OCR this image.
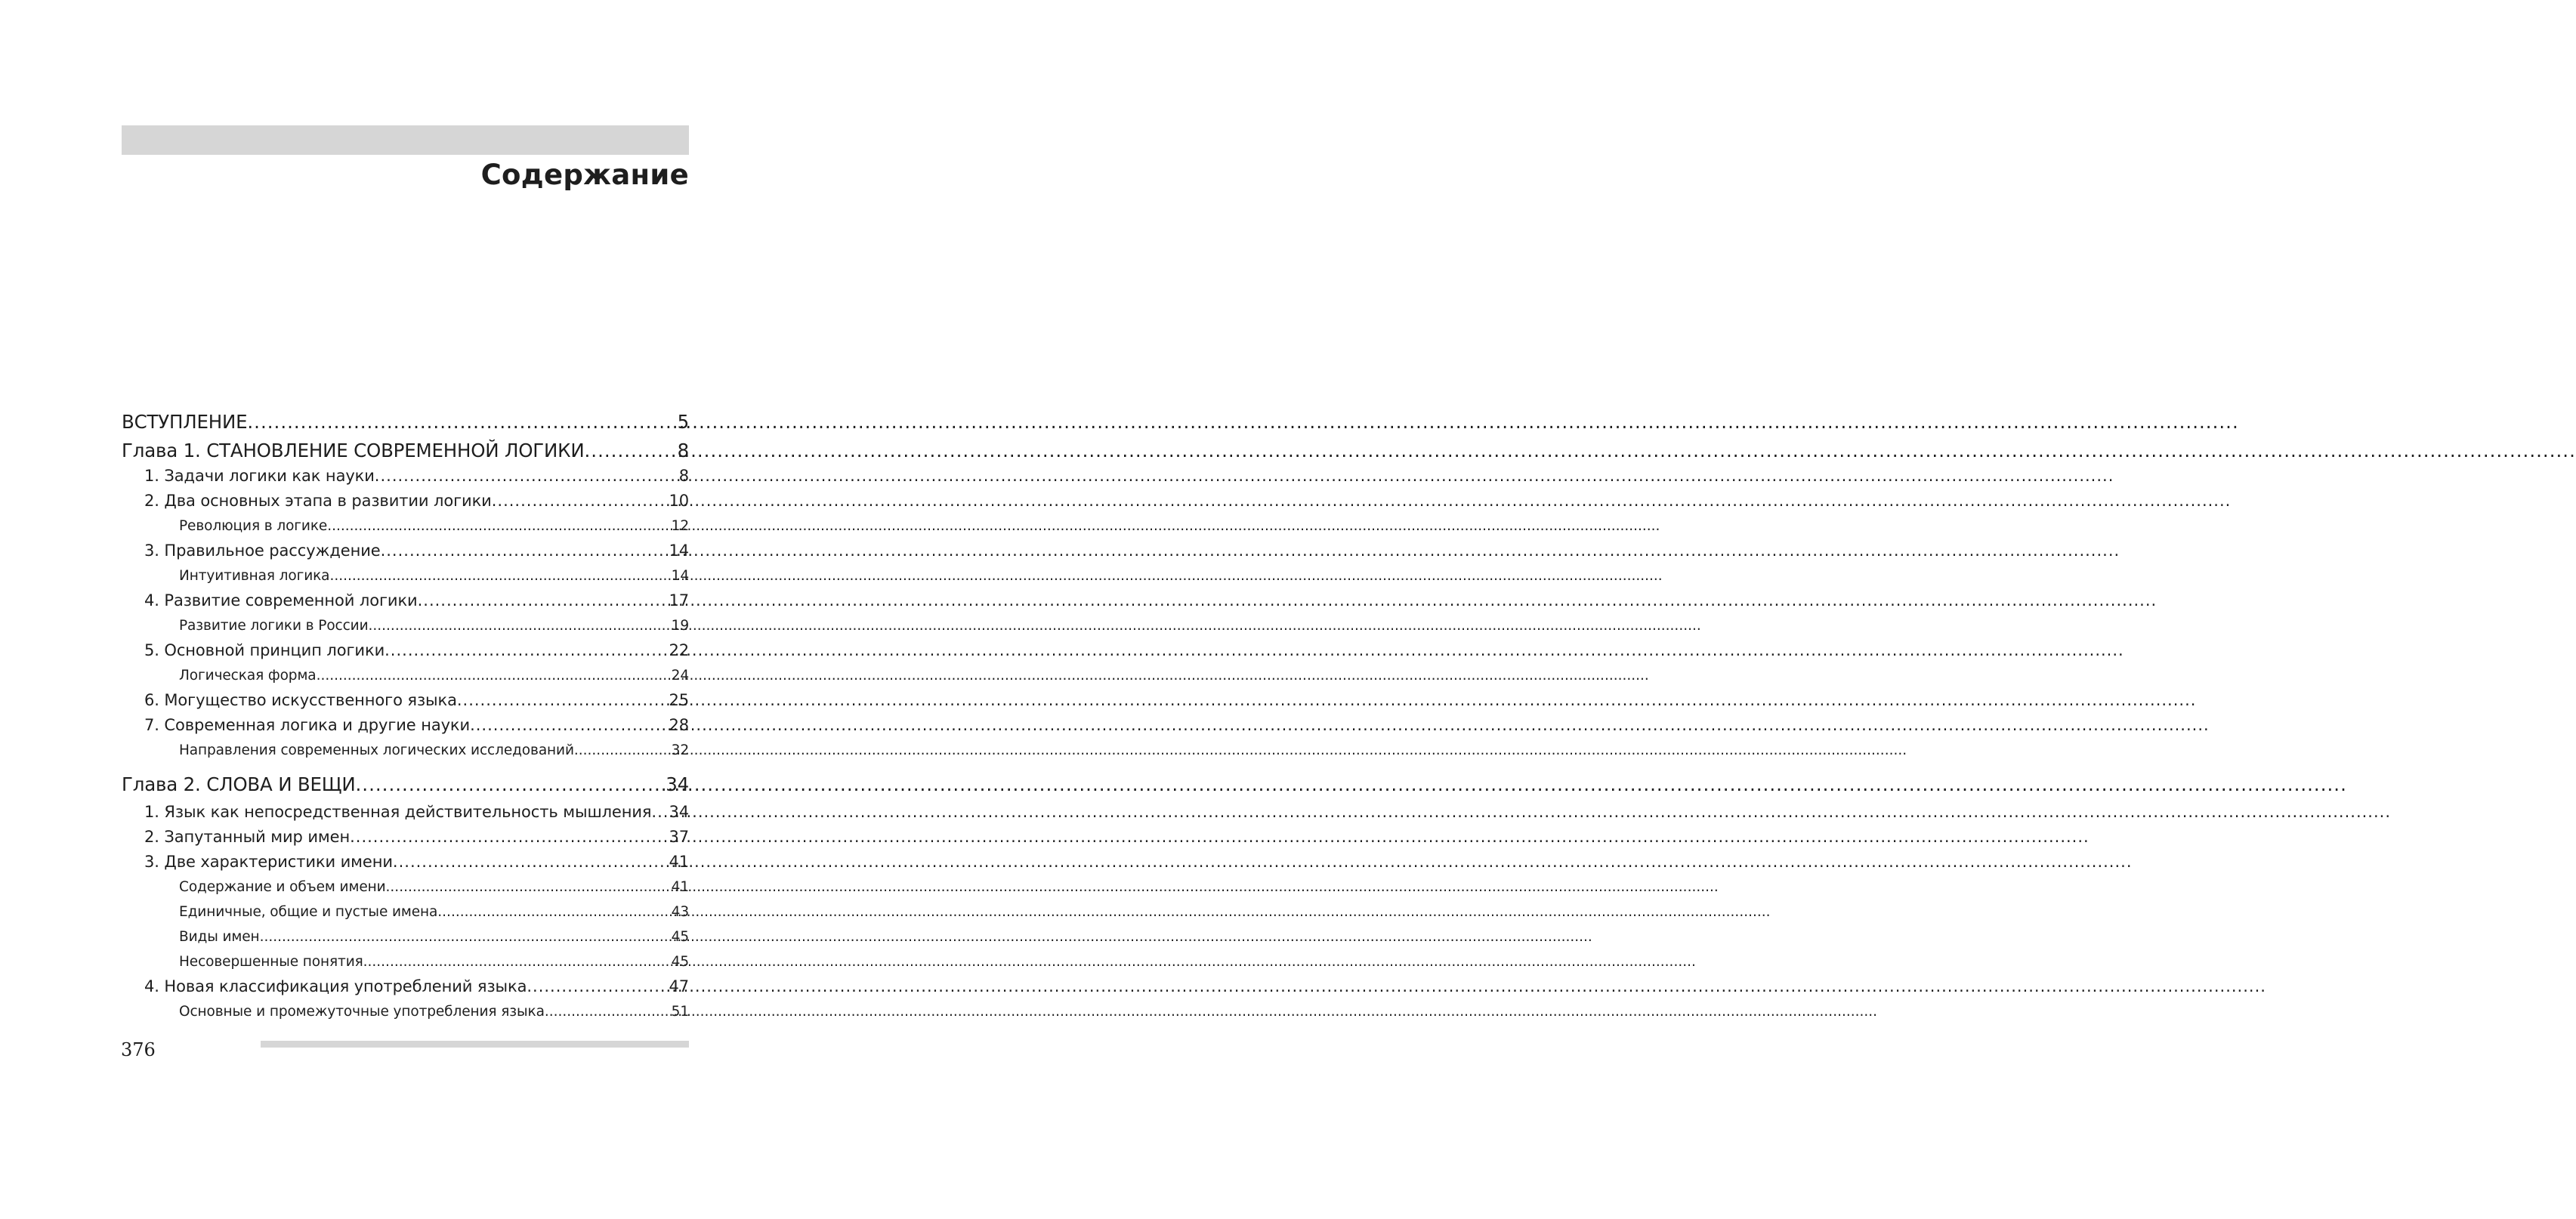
Содержание
ВСТУПЛЕНИЕ .....	5
Глава 1. СТАНОВЛЕНИЕ СОВРЕМЕННОЙ ЛОГИКИ .....	8
1. Задачи логики как науки .....	8
2. Два основных этапа в развитии логики .....	10
Революция в логике .....	12
3. Правильное рассуждение .....	14
Интуитивная логика .....	14
4. Развитие современной логики .....	17
Развитие логики в России .....	19
5. Основной принцип логики .....	22
Логическая форма .....	24
6. Могущество искусственного языка .....	25
7. Современная логика и другие науки .....	28
Направления современных логических исследований .....	32
Глава 2. СЛОВА И ВЕЩИ .....	34
1. Язык как непосредственная действительность мышления ..... 34
2. Запутанный мир имен .....	37
3. Две характеристики имени .....	41
Содержание и объем имени .....	41
Единичные, общие и пустые имена .....	43
Виды имен .....	45
Несовершенные понятия .....	45
4. Новая классификация употреблений языка .....	47
Основные и промежуточные употребления языка .....	51
376
